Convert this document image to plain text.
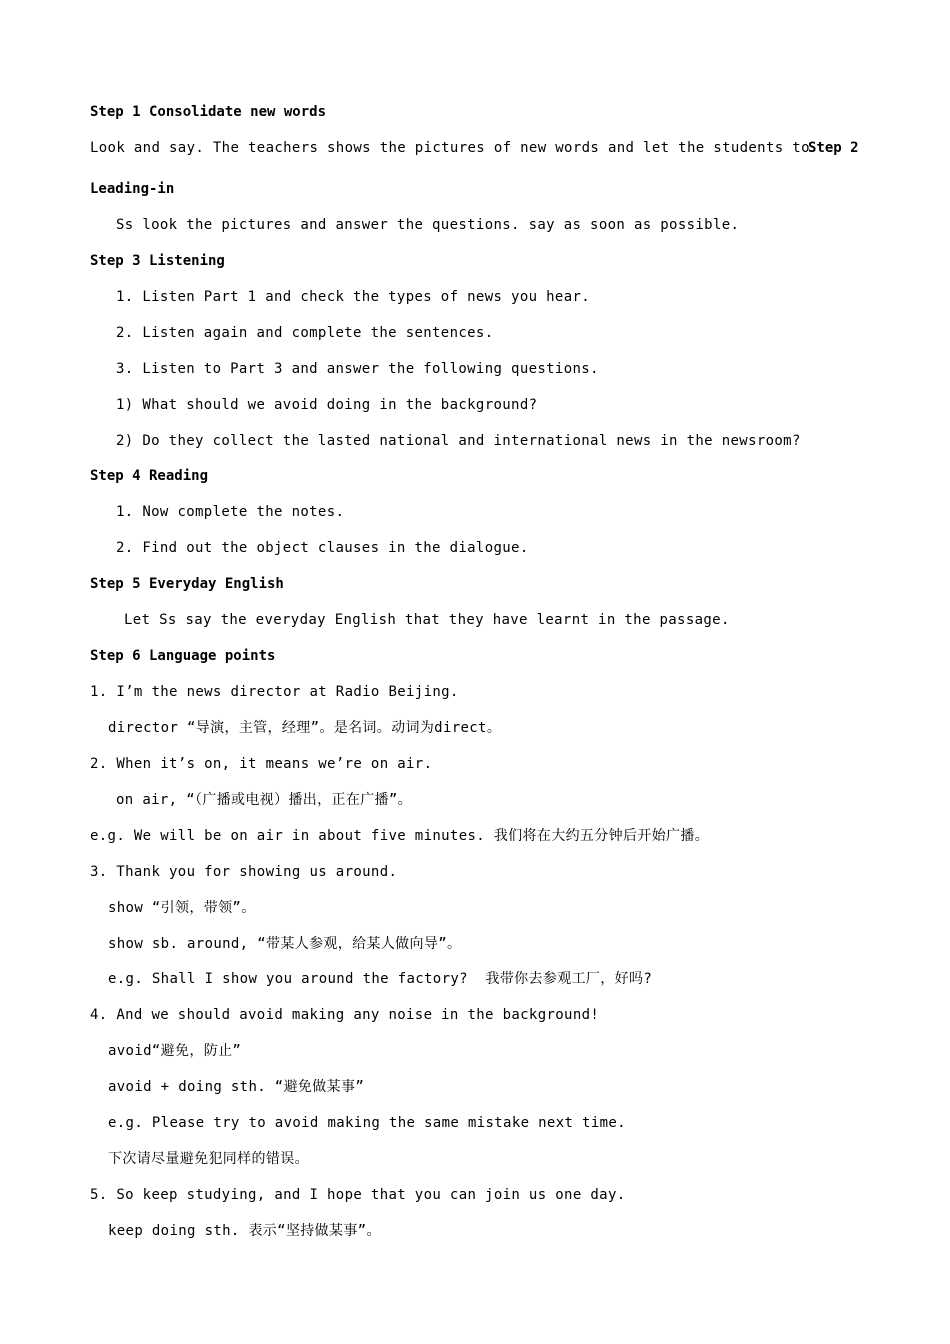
Step 1 Consolidate new words
Look and say. The teachers shows the pictures of new words and let the students to
Step 2
Leading-in
Ss look the pictures and answer the questions. say as soon as possible.
Step 3 Listening
1. Listen Part 1 and check the types of news you hear.
2. Listen again and complete the sentences.
3. Listen to Part 3 and answer the following questions.
1) What should we avoid doing in the background?
2) Do they collect the lasted national and international news in the newsroom?
Step 4 Reading
1. Now complete the notes.
2. Find out the object clauses in the dialogue.
Step 5 Everyday English
Let Ss say the everyday English that they have learnt in the passage.
Step 6 Language points
1. I’m the news director at Radio Beijing.
director “导演，主管，经理”。是名词。动词为direct。
2. When it’s on, it means we’re on air.
on air, “（广播或电视）播出，正在广播”。
e.g. We will be on air in about five minutes. 我们将在大约五分钟后开始广播。
3. Thank you for showing us around.
show “引领，带领”。
show sb. around, “带某人参观，给某人做向导”。
e.g. Shall I show you around the factory?  我带你去参观工厂，好吗?
4. And we should avoid making any noise in the background!
avoid“避免，防止”
avoid + doing sth. “避免做某事”
e.g. Please try to avoid making the same mistake next time.
下次请尽量避免犯同样的错误。
5. So keep studying, and I hope that you can join us one day.
keep doing sth. 表示“坚持做某事”。
